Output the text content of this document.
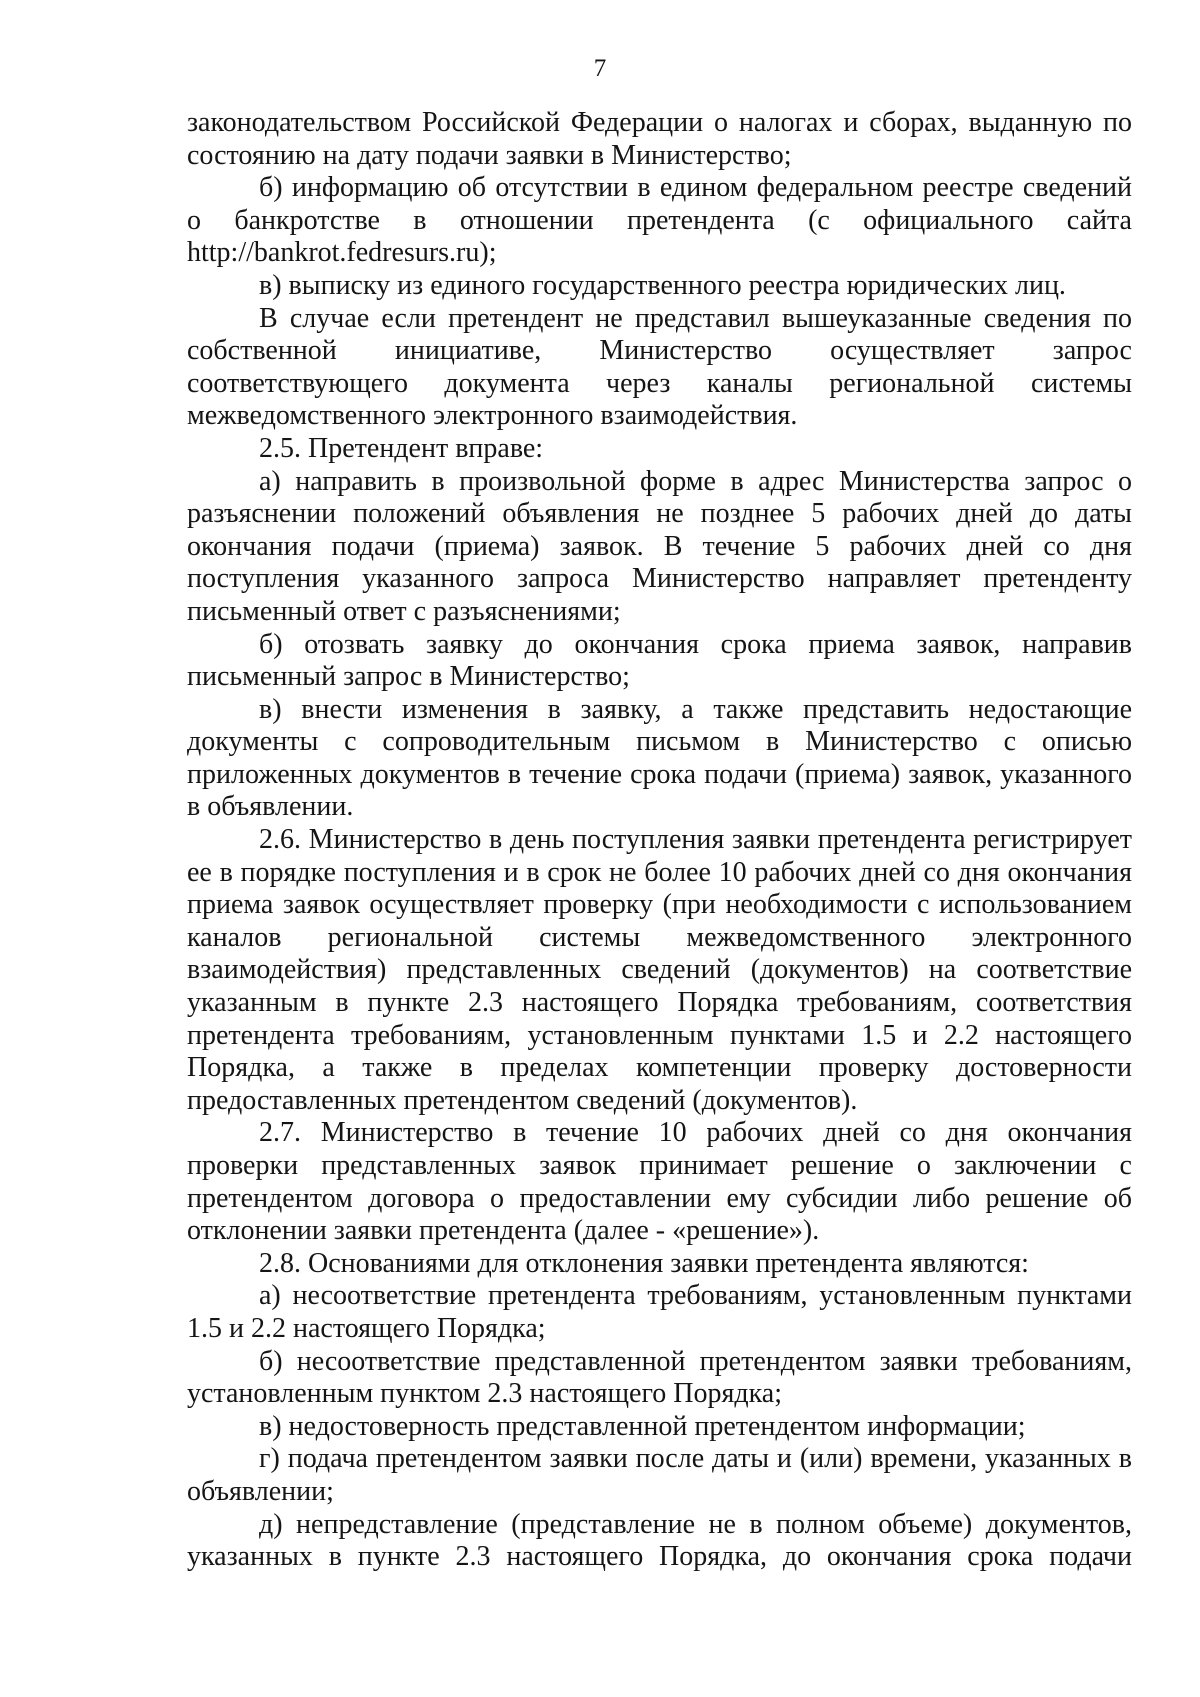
7

законодательством Российской Федерации о налогах и сборах, выданную по состоянию на дату подачи заявки в Министерство;

б) информацию об отсутствии в едином федеральном реестре сведений о банкротстве в отношении претендента (с официального сайта http://bankrot.fedresurs.ru);

в) выписку из единого государственного реестра юридических лиц.

В случае если претендент не представил вышеуказанные сведения по собственной инициативе, Министерство осуществляет запрос соответствующего документа через каналы региональной системы межведомственного электронного взаимодействия.

2.5. Претендент вправе:

а) направить в произвольной форме в адрес Министерства запрос о разъяснении положений объявления не позднее 5 рабочих дней до даты окончания подачи (приема) заявок. В течение 5 рабочих дней со дня поступления указанного запроса Министерство направляет претенденту письменный ответ с разъяснениями;

б) отозвать заявку до окончания срока приема заявок, направив письменный запрос в Министерство;

в) внести изменения в заявку, а также представить недостающие документы с сопроводительным письмом в Министерство с описью приложенных документов в течение срока подачи (приема) заявок, указанного в объявлении.

2.6. Министерство в день поступления заявки претендента регистрирует ее в порядке поступления и в срок не более 10 рабочих дней со дня окончания приема заявок осуществляет проверку (при необходимости с использованием каналов региональной системы межведомственного электронного взаимодействия) представленных сведений (документов) на соответствие указанным в пункте 2.3 настоящего Порядка требованиям, соответствия претендента требованиям, установленным пунктами 1.5 и 2.2 настоящего Порядка, а также в пределах компетенции проверку достоверности предоставленных претендентом сведений (документов).

2.7. Министерство в течение 10 рабочих дней со дня окончания проверки представленных заявок принимает решение о заключении с претендентом договора о предоставлении ему субсидии либо решение об отклонении заявки претендента (далее - «решение»).

2.8. Основаниями для отклонения заявки претендента являются:

а) несоответствие претендента требованиям, установленным пунктами 1.5 и 2.2 настоящего Порядка;

б) несоответствие представленной претендентом заявки требованиям, установленным пунктом 2.3 настоящего Порядка;

в) недостоверность представленной претендентом информации;

г) подача претендентом заявки после даты и (или) времени, указанных в объявлении;

д) непредставление (представление не в полном объеме) документов, указанных в пункте 2.3 настоящего Порядка, до окончания срока подачи
